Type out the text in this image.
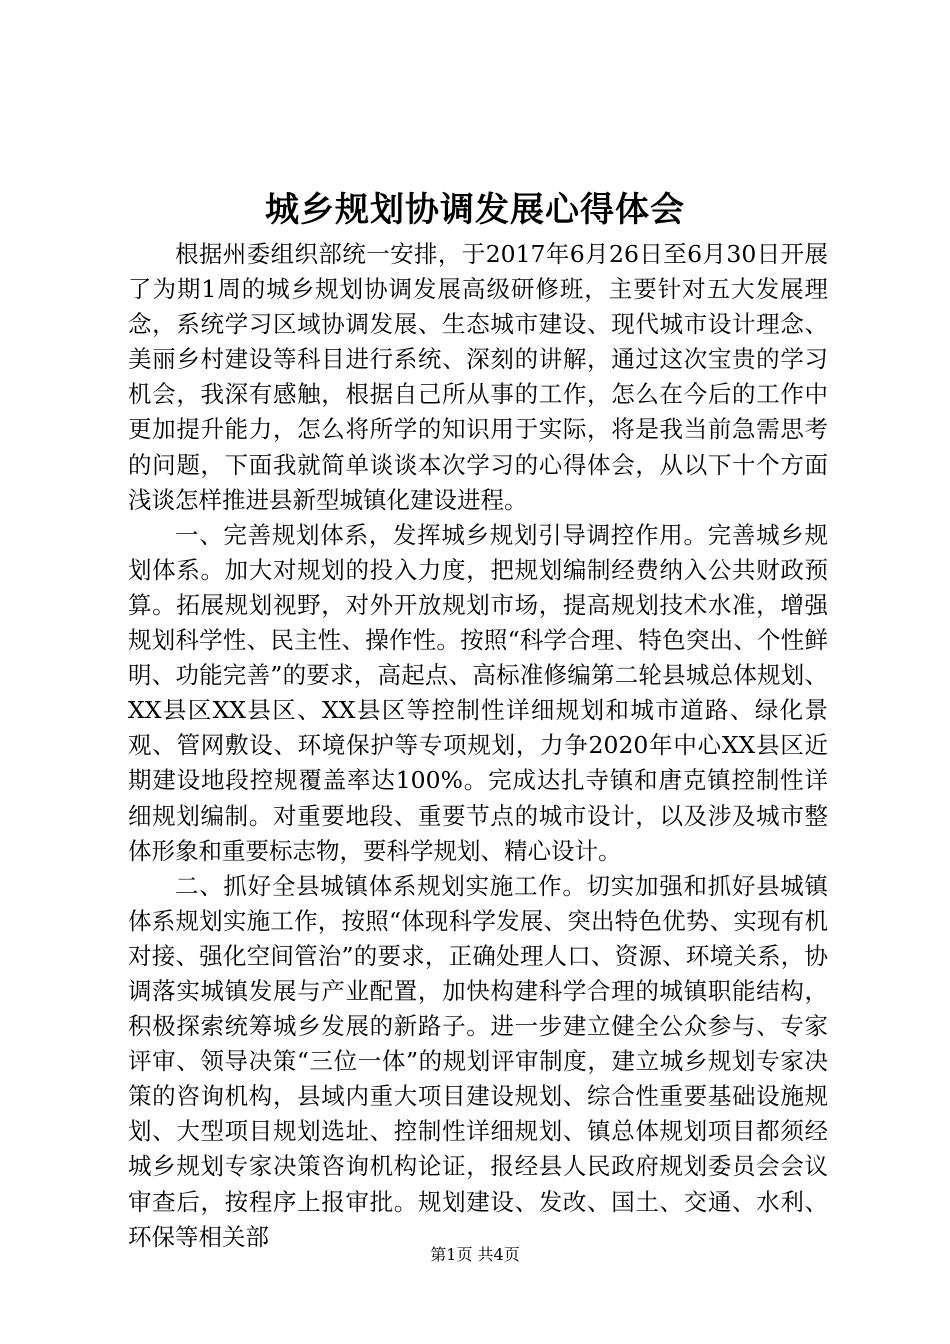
城乡规划协调发展心得体会

根据州委组织部统一安排，于2017年6月26日至6月30日开展了为期1周的城乡规划协调发展高级研修班，主要针对五大发展理念，系统学习区域协调发展、生态城市建设、现代城市设计理念、美丽乡村建设等科目进行系统、深刻的讲解，通过这次宝贵的学习机会，我深有感触，根据自己所从事的工作，怎么在今后的工作中更加提升能力，怎么将所学的知识用于实际，将是我当前急需思考的问题，下面我就简单谈谈本次学习的心得体会，从以下十个方面浅谈怎样推进县新型城镇化建设进程。

一、完善规划体系，发挥城乡规划引导调控作用。完善城乡规划体系。加大对规划的投入力度，把规划编制经费纳入公共财政预算。拓展规划视野，对外开放规划市场，提高规划技术水准，增强规划科学性、民主性、操作性。按照“科学合理、特色突出、个性鲜明、功能完善”的要求，高起点、高标准修编第二轮县城总体规划、XX县区XX县区、XX县区等控制性详细规划和城市道路、绿化景观、管网敷设、环境保护等专项规划，力争2020年中心XX县区近期建设地段控规覆盖率达100%。完成达扎寺镇和唐克镇控制性详细规划编制。对重要地段、重要节点的城市设计，以及涉及城市整体形象和重要标志物，要科学规划、精心设计。

二、抓好全县城镇体系规划实施工作。切实加强和抓好县城镇体系规划实施工作，按照“体现科学发展、突出特色优势、实现有机对接、强化空间管治”的要求，正确处理人口、资源、环境关系，协调落实城镇发展与产业配置，加快构建科学合理的城镇职能结构，积极探索统筹城乡发展的新路子。进一步建立健全公众参与、专家评审、领导决策“三位一体”的规划评审制度，建立城乡规划专家决策的咨询机构，县域内重大项目建设规划、综合性重要基础设施规划、大型项目规划选址、控制性详细规划、镇总体规划项目都须经城乡规划专家决策咨询机构论证，报经县人民政府规划委员会会议审查后，按程序上报审批。规划建设、发改、国土、交通、水利、环保等相关部

第1页 共4页
